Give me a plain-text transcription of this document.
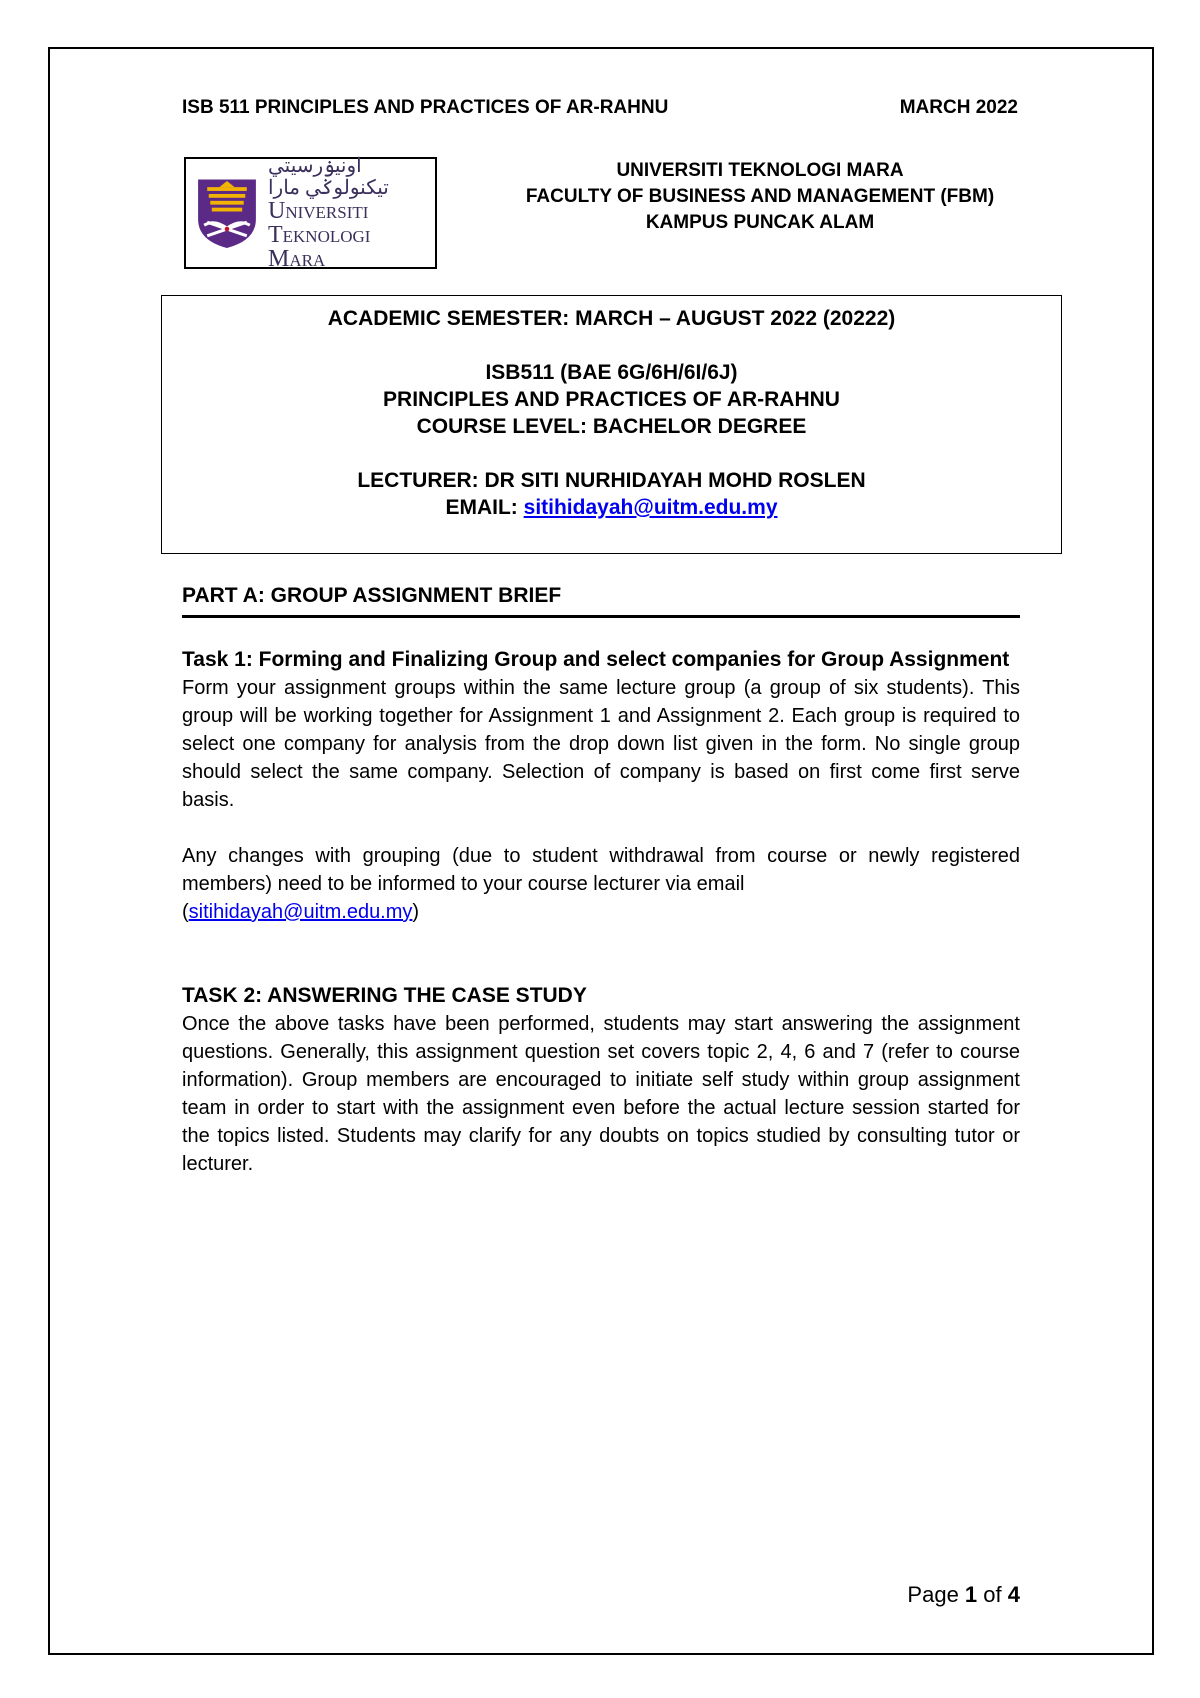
ISB 511 PRINCIPLES AND PRACTICES OF AR-RAHNU	MARCH 2022
اونيۏرسيتي تيكنولوݢي مارا
Universiti
Teknologi
Mara
UNIVERSITI TEKNOLOGI MARA
FACULTY OF BUSINESS AND MANAGEMENT (FBM)
KAMPUS PUNCAK ALAM
ACADEMIC SEMESTER: MARCH – AUGUST 2022 (20222)
ISB511 (BAE 6G/6H/6I/6J)
PRINCIPLES AND PRACTICES OF AR-RAHNU
COURSE LEVEL: BACHELOR DEGREE
LECTURER: DR SITI NURHIDAYAH MOHD ROSLEN
EMAIL: sitihidayah@uitm.edu.my
PART A: GROUP ASSIGNMENT BRIEF
Task 1: Forming and Finalizing Group and select companies for Group Assignment

Form your assignment groups within the same lecture group (a group of six students). This group will be working together for Assignment 1 and Assignment 2. Each group is required to select one company for analysis from the drop down list given in the form. No single group should select the same company. Selection of company is based on first come first serve basis.

Any changes with grouping (due to student withdrawal from course or newly registered members) need to be informed to your course lecturer via email
(sitihidayah@uitm.edu.my)

TASK 2: ANSWERING THE CASE STUDY

Once the above tasks have been performed, students may start answering the assignment questions. Generally, this assignment question set covers topic 2, 4, 6 and 7 (refer to course information). Group members are encouraged to initiate self study within group assignment team in order to start with the assignment even before the actual lecture session started for the topics listed. Students may clarify for any doubts on topics studied by consulting tutor or lecturer.

Page 1 of 4
